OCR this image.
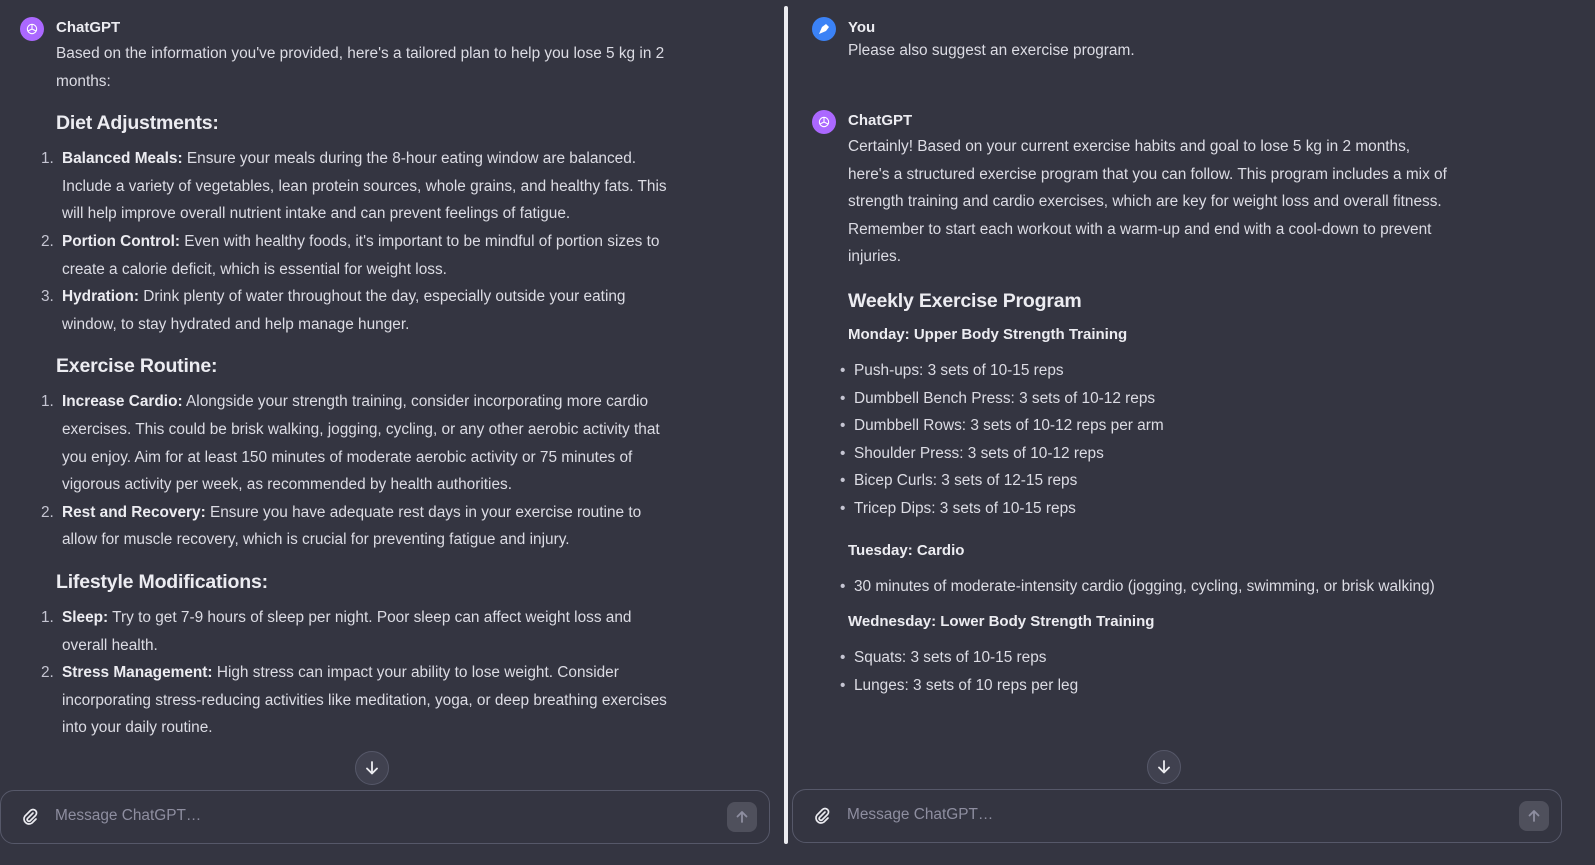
ChatGPT

Based on the information you've provided, here's a tailored plan to help you lose 5 kg in 2 months:

Diet Adjustments:
1. Balanced Meals: Ensure your meals during the 8-hour eating window are balanced. Include a variety of vegetables, lean protein sources, whole grains, and healthy fats. This will help improve overall nutrient intake and can prevent feelings of fatigue.
2. Portion Control: Even with healthy foods, it's important to be mindful of portion sizes to create a calorie deficit, which is essential for weight loss.
3. Hydration: Drink plenty of water throughout the day, especially outside your eating window, to stay hydrated and help manage hunger.
Exercise Routine:
1. Increase Cardio: Alongside your strength training, consider incorporating more cardio exercises. This could be brisk walking, jogging, cycling, or any other aerobic activity that you enjoy. Aim for at least 150 minutes of moderate aerobic activity or 75 minutes of vigorous activity per week, as recommended by health authorities.
2. Rest and Recovery: Ensure you have adequate rest days in your exercise routine to allow for muscle recovery, which is crucial for preventing fatigue and injury.
Lifestyle Modifications:
1. Sleep: Try to get 7-9 hours of sleep per night. Poor sleep can affect weight loss and overall health.
2. Stress Management: High stress can impact your ability to lose weight. Consider incorporating stress-reducing activities like meditation, yoga, or deep breathing exercises into your daily routine.
Message ChatGPT…
You

Please also suggest an exercise program.

ChatGPT

Certainly! Based on your current exercise habits and goal to lose 5 kg in 2 months, here's a structured exercise program that you can follow. This program includes a mix of strength training and cardio exercises, which are key for weight loss and overall fitness. Remember to start each workout with a warm-up and end with a cool-down to prevent injuries.

Weekly Exercise Program
Monday: Upper Body Strength Training
• Push-ups: 3 sets of 10-15 reps
• Dumbbell Bench Press: 3 sets of 10-12 reps
• Dumbbell Rows: 3 sets of 10-12 reps per arm
• Shoulder Press: 3 sets of 10-12 reps
• Bicep Curls: 3 sets of 12-15 reps
• Tricep Dips: 3 sets of 10-15 reps
Tuesday: Cardio
• 30 minutes of moderate-intensity cardio (jogging, cycling, swimming, or brisk walking)
Wednesday: Lower Body Strength Training
• Squats: 3 sets of 10-15 reps
• Lunges: 3 sets of 10 reps per leg
Message ChatGPT…
